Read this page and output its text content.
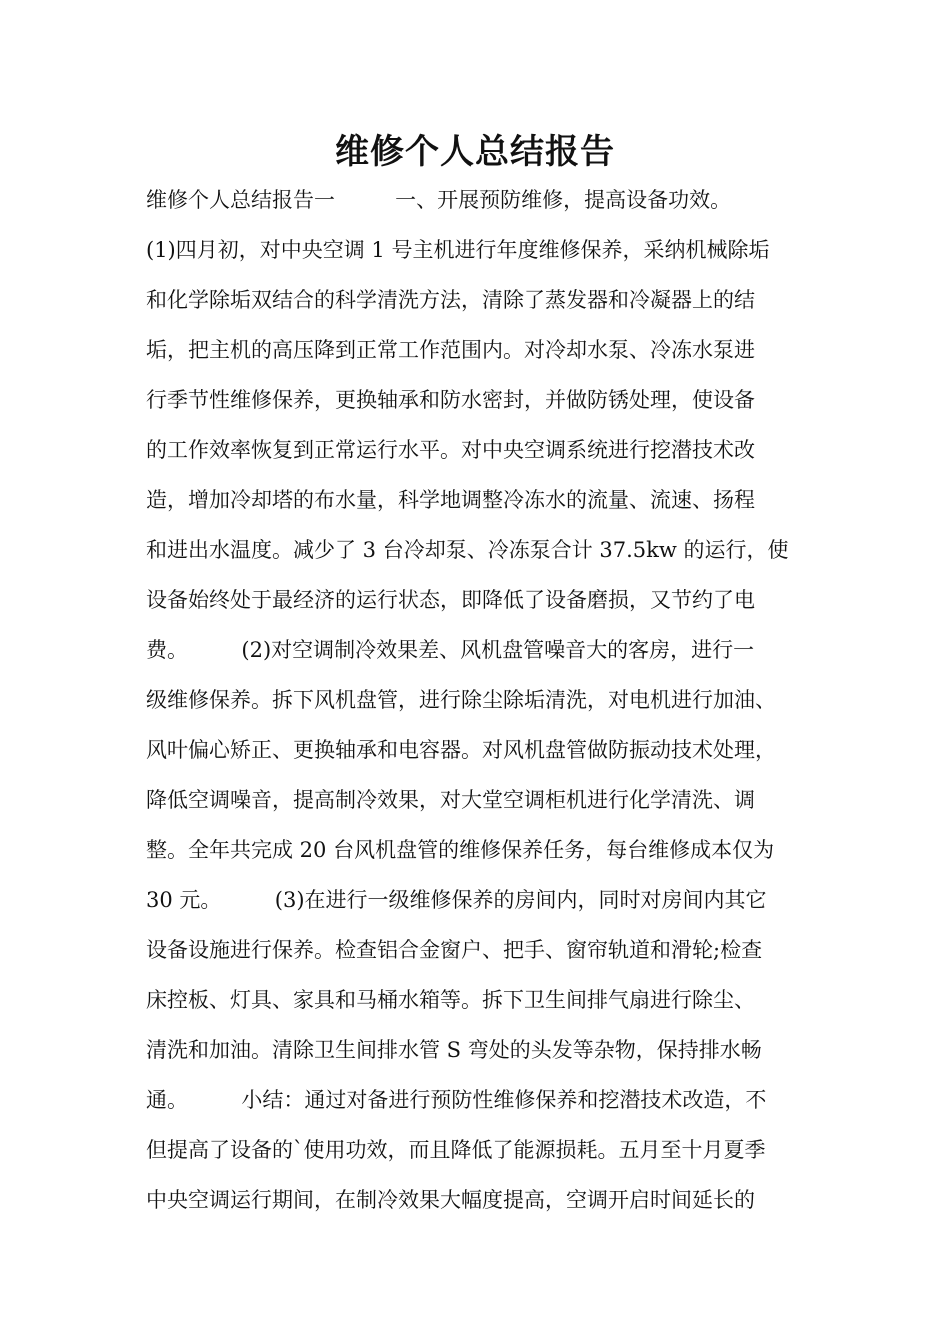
维修个人总结报告
维修个人总结报告一         一、开展预防维修，提高设备功效。
(1)四月初，对中央空调 1 号主机进行年度维修保养，采纳机械除垢
和化学除垢双结合的科学清洗方法，清除了蒸发器和冷凝器上的结
垢，把主机的高压降到正常工作范围内。对冷却水泵、冷冻水泵进
行季节性维修保养，更换轴承和防水密封，并做防锈处理，使设备
的工作效率恢复到正常运行水平。对中央空调系统进行挖潜技术改
造，增加冷却塔的布水量，科学地调整冷冻水的流量、流速、扬程
和进出水温度。减少了 3 台冷却泵、冷冻泵合计 37.5kw 的运行，使
设备始终处于最经济的运行状态，即降低了设备磨损，又节约了电
费。        (2)对空调制冷效果差、风机盘管噪音大的客房，进行一
级维修保养。拆下风机盘管，进行除尘除垢清洗，对电机进行加油、
风叶偏心矫正、更换轴承和电容器。对风机盘管做防振动技术处理，
降低空调噪音，提高制冷效果，对大堂空调柜机进行化学清洗、调
整。全年共完成 20 台风机盘管的维修保养任务，每台维修成本仅为
30 元。        (3)在进行一级维修保养的房间内，同时对房间内其它
设备设施进行保养。检查铝合金窗户、把手、窗帘轨道和滑轮;检查
床控板、灯具、家具和马桶水箱等。拆下卫生间排气扇进行除尘、
清洗和加油。清除卫生间排水管 S 弯处的头发等杂物，保持排水畅
通。        小结：通过对备进行预防性维修保养和挖潜技术改造，不
但提高了设备的`使用功效，而且降低了能源损耗。五月至十月夏季
中央空调运行期间，在制冷效果大幅度提高，空调开启时间延长的
